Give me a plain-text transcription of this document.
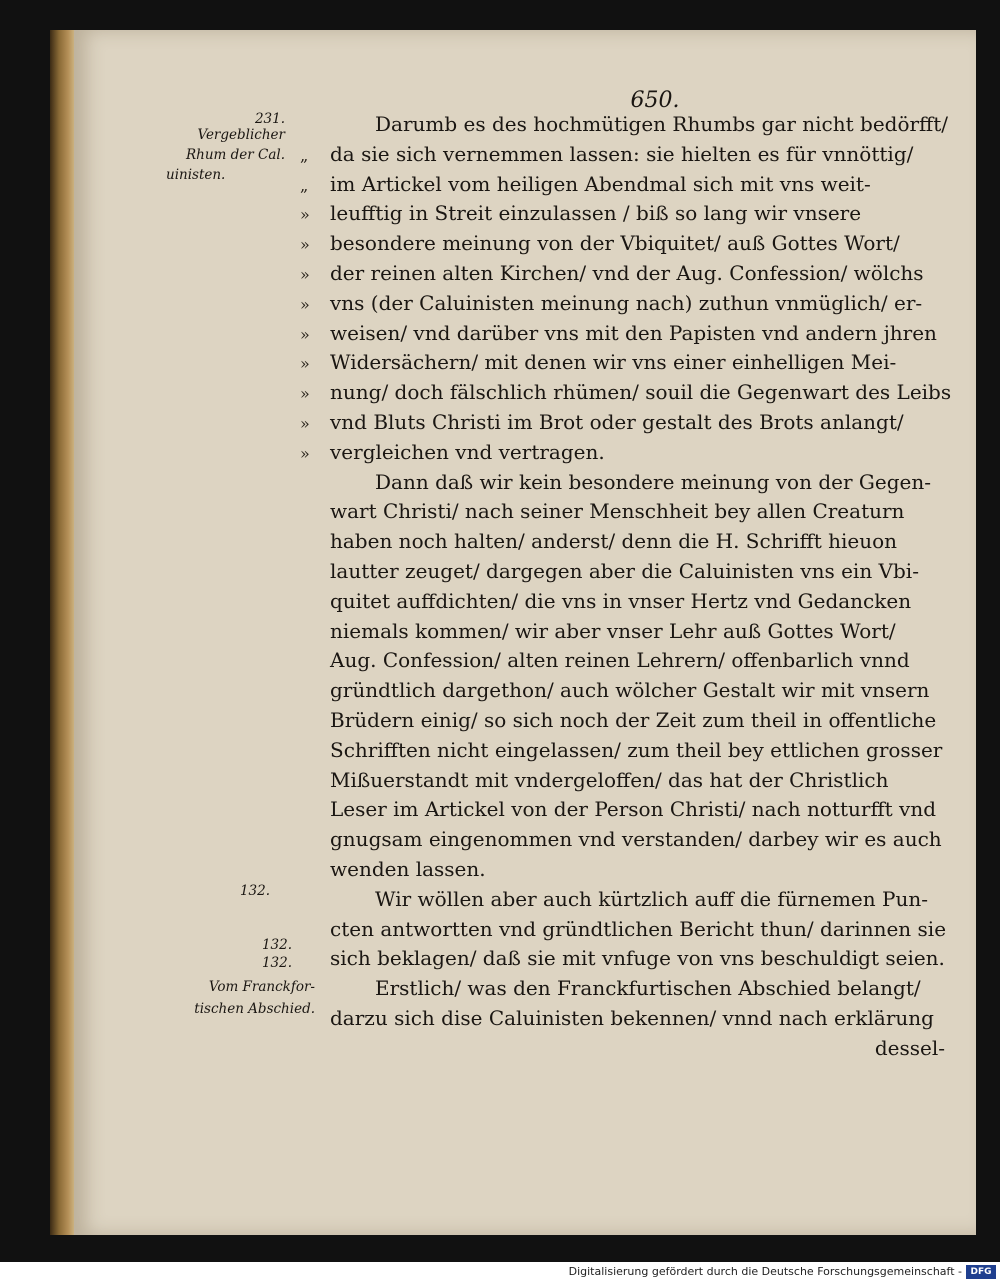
650.
231.
Vergeblicher
Rhum der Cal.
uinisten.
132.
132.
132.
Vom Franckfor-
tischen Abschied.
Darumb es des hochmütigen Rhumbs gar nicht bedörfft/
„ da sie sich vernemmen lassen: sie hielten es für vnnöttig/
„ im Artickel vom heiligen Abendmal sich mit vns weit-
» leufftig in Streit einzulassen / biß so lang wir vnsere
» besondere meinung von der Vbiquitet/ auß Gottes Wort/
» der reinen alten Kirchen/ vnd der Aug. Confession/ wölchs
» vns (der Caluinisten meinung nach) zuthun vnmüglich/ er-
» weisen/ vnd darüber vns mit den Papisten vnd andern jhren
» Widersächern/ mit denen wir vns einer einhelligen Mei-
» nung/ doch fälschlich rhümen/ souil die Gegenwart des Leibs
» vnd Bluts Christi im Brot oder gestalt des Brots anlangt/
» vergleichen vnd vertragen.
Dann daß wir kein besondere meinung von der Gegen-
wart Christi/ nach seiner Menschheit bey allen Creaturn
haben noch halten/ anderst/ denn die H. Schrifft hieuon
lautter zeuget/ dargegen aber die Caluinisten vns ein Vbi-
quitet auffdichten/ die vns in vnser Hertz vnd Gedancken
niemals kommen/ wir aber vnser Lehr auß Gottes Wort/
Aug. Confession/ alten reinen Lehrern/ offenbarlich vnnd
gründtlich dargethon/ auch wölcher Gestalt wir mit vnsern
Brüdern einig/ so sich noch der Zeit zum theil in offentliche
Schrifften nicht eingelassen/ zum theil bey ettlichen grosser
Mißuerstandt mit vndergeloffen/ das hat der Christlich
Leser im Artickel von der Person Christi/ nach notturfft vnd
gnugsam eingenommen vnd verstanden/ darbey wir es auch
wenden lassen.
Wir wöllen aber auch kürtzlich auff die fürnemen Pun-
cten antwortten vnd gründtlichen Bericht thun/ darinnen sie
sich beklagen/ daß sie mit vnfuge von vns beschuldigt seien.
Erstlich/ was den Franckfurtischen Abschied belangt/
darzu sich dise Caluinisten bekennen/ vnnd nach erklärung
dessel-
Digitalisierung gefördert durch die Deutsche Forschungsgemeinschaft - DFG
